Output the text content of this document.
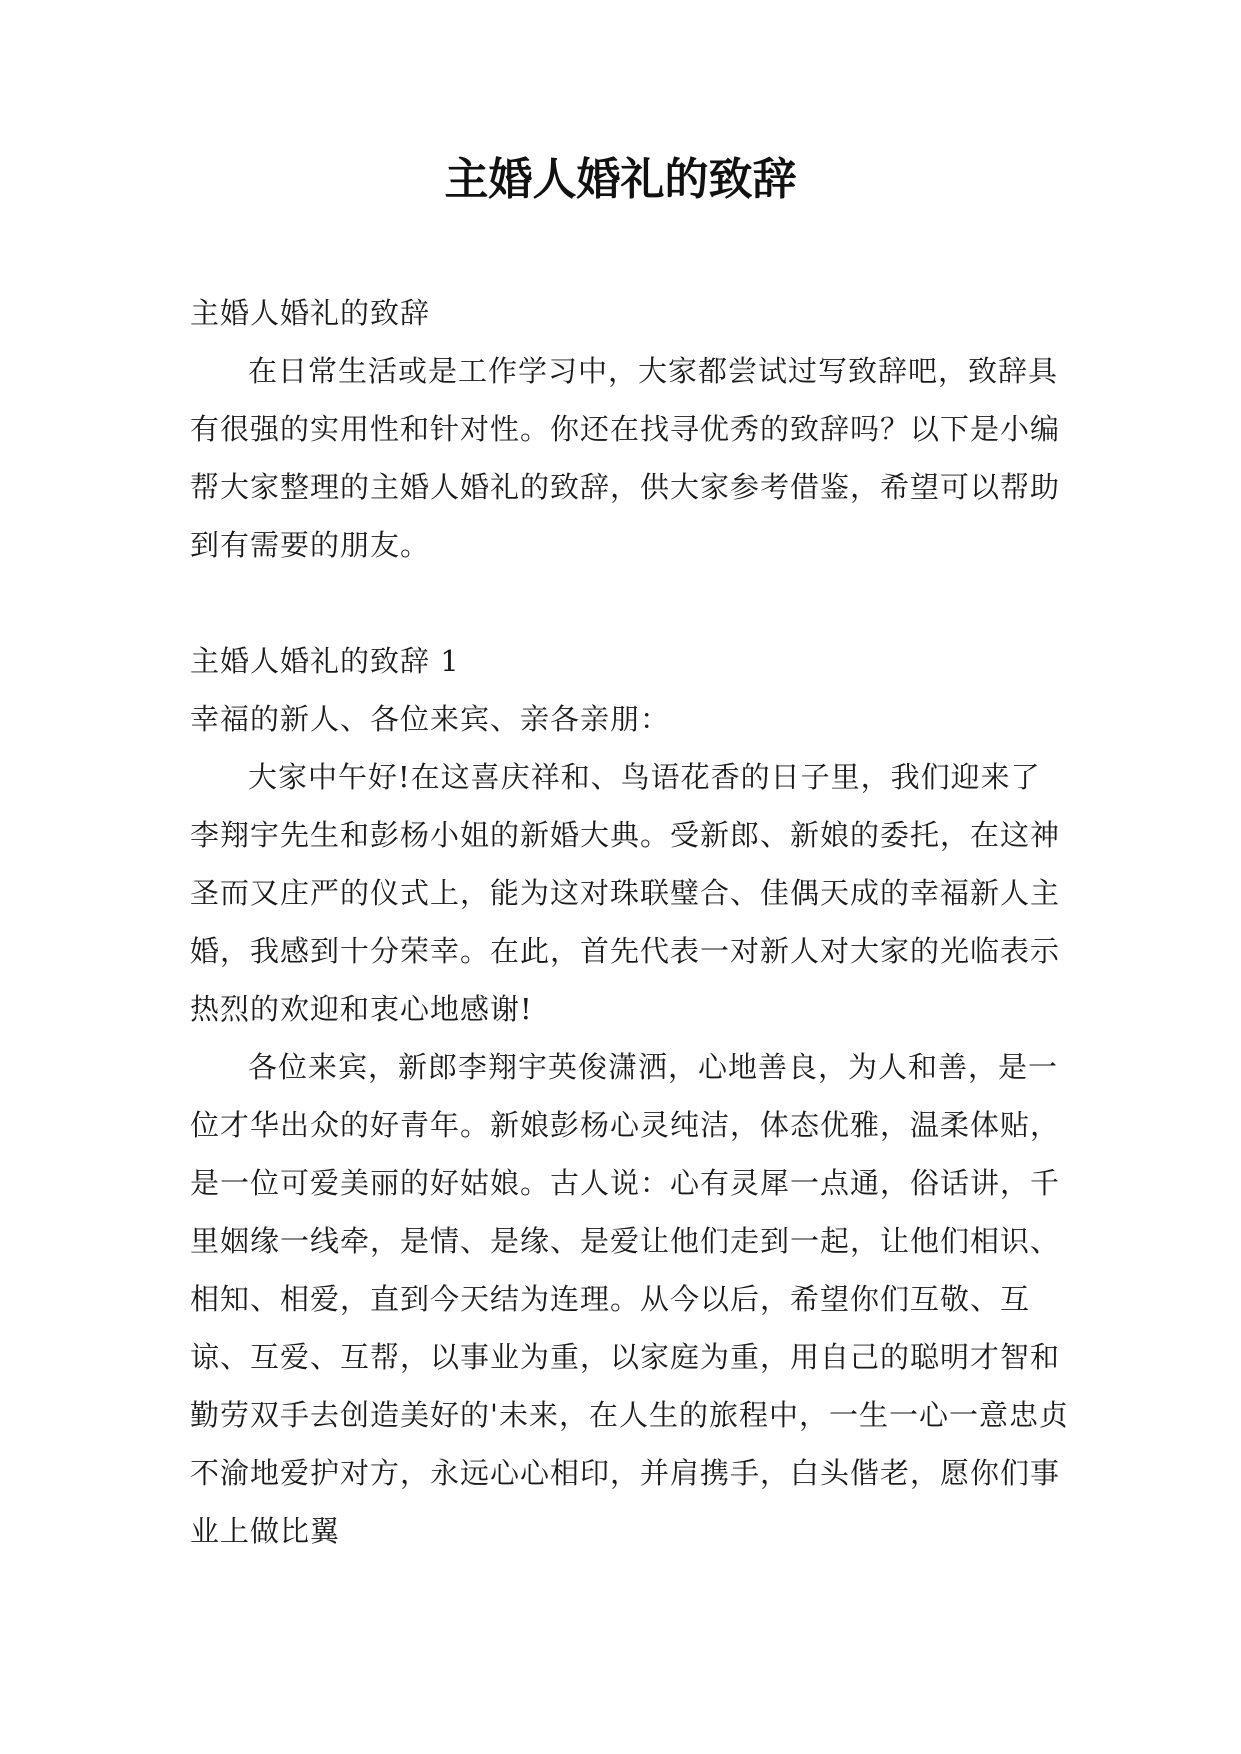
主婚人婚礼的致辞

主婚人婚礼的致辞

在日常生活或是工作学习中，大家都尝试过写致辞吧，致辞具有很强的实用性和针对性。你还在找寻优秀的致辞吗？以下是小编帮大家整理的主婚人婚礼的致辞，供大家参考借鉴，希望可以帮助到有需要的朋友。

主婚人婚礼的致辞 1

幸福的新人、各位来宾、亲各亲朋：

大家中午好!在这喜庆祥和、鸟语花香的日子里，我们迎来了李翔宇先生和彭杨小姐的新婚大典。受新郎、新娘的委托，在这神圣而又庄严的仪式上，能为这对珠联璧合、佳偶天成的幸福新人主婚，我感到十分荣幸。在此，首先代表一对新人对大家的光临表示热烈的欢迎和衷心地感谢!

各位来宾，新郎李翔宇英俊潇洒，心地善良，为人和善，是一位才华出众的好青年。新娘彭杨心灵纯洁，体态优雅，温柔体贴，是一位可爱美丽的好姑娘。古人说：心有灵犀一点通，俗话讲，千里姻缘一线牵，是情、是缘、是爱让他们走到一起，让他们相识、相知、相爱，直到今天结为连理。从今以后，希望你们互敬、互谅、互爱、互帮，以事业为重，以家庭为重，用自己的聪明才智和勤劳双手去创造美好的'未来，在人生的旅程中，一生一心一意忠贞不渝地爱护对方，永远心心相印，并肩携手，白头偕老，愿你们事业上做比翼
